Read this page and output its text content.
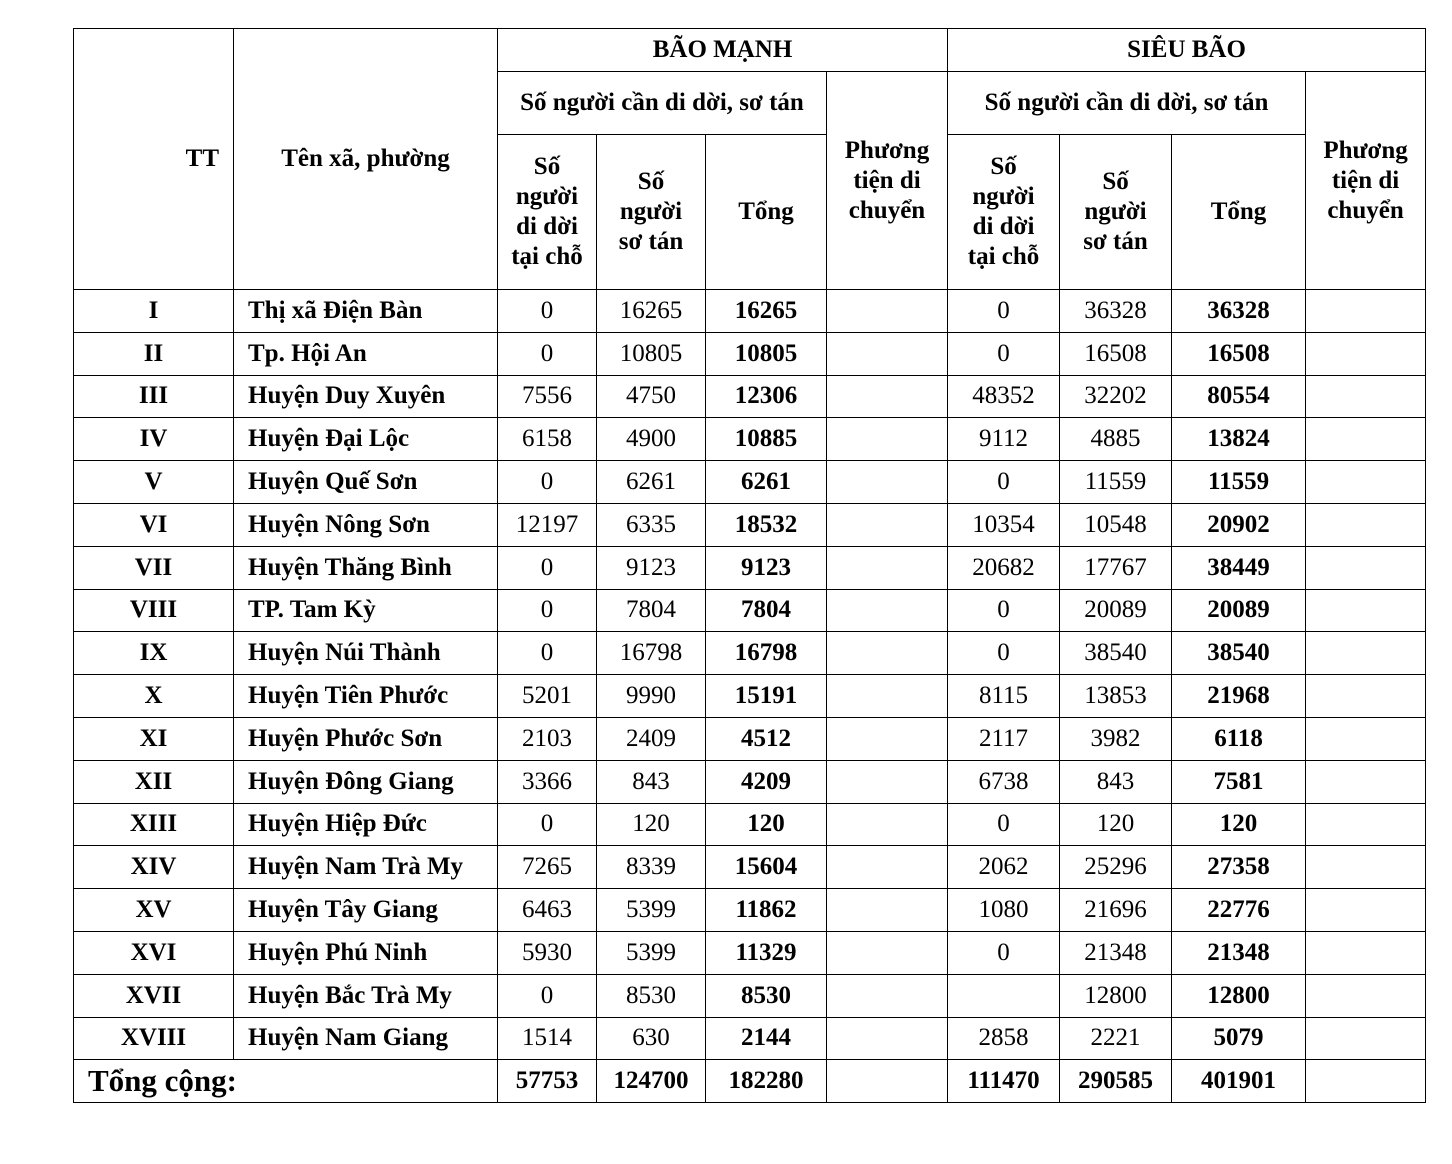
TT	Tên xã, phường	BÃO MẠNH				SIÊU BÃO			
		Số người cần di dời, sơ tán			Phương tiện di chuyển	Số người cần di dời, sơ tán			Phương tiện di chuyển
		Số người di dời tại chỗ	Số người sơ tán	Tổng		Số người di dời tại chỗ	Số người sơ tán	Tổng	
I	Thị xã Điện Bàn	0	16265	16265		0	36328	36328	
II	Tp. Hội An	0	10805	10805		0	16508	16508	
III	Huyện Duy Xuyên	7556	4750	12306		48352	32202	80554	
IV	Huyện Đại Lộc	6158	4900	10885		9112	4885	13824	
V	Huyện Quế Sơn	0	6261	6261		0	11559	11559	
VI	Huyện Nông Sơn	12197	6335	18532		10354	10548	20902	
VII	Huyện Thăng Bình	0	9123	9123		20682	17767	38449	
VIII	TP. Tam Kỳ	0	7804	7804		0	20089	20089	
IX	Huyện Núi Thành	0	16798	16798		0	38540	38540	
X	Huyện Tiên Phước	5201	9990	15191		8115	13853	21968	
XI	Huyện Phước Sơn	2103	2409	4512		2117	3982	6118	
XII	Huyện Đông Giang	3366	843	4209		6738	843	7581	
XIII	Huyện Hiệp Đức	0	120	120		0	120	120	
XIV	Huyện Nam Trà My	7265	8339	15604		2062	25296	27358	
XV	Huyện Tây Giang	6463	5399	11862		1080	21696	22776	
XVI	Huyện Phú Ninh	5930	5399	11329		0	21348	21348	
XVII	Huyện Bắc Trà My	0	8530	8530			12800	12800	
XVIII	Huyện Nam Giang	1514	630	2144		2858	2221	5079	
Tổng cộng:		57753	124700	182280		111470	290585	401901	
